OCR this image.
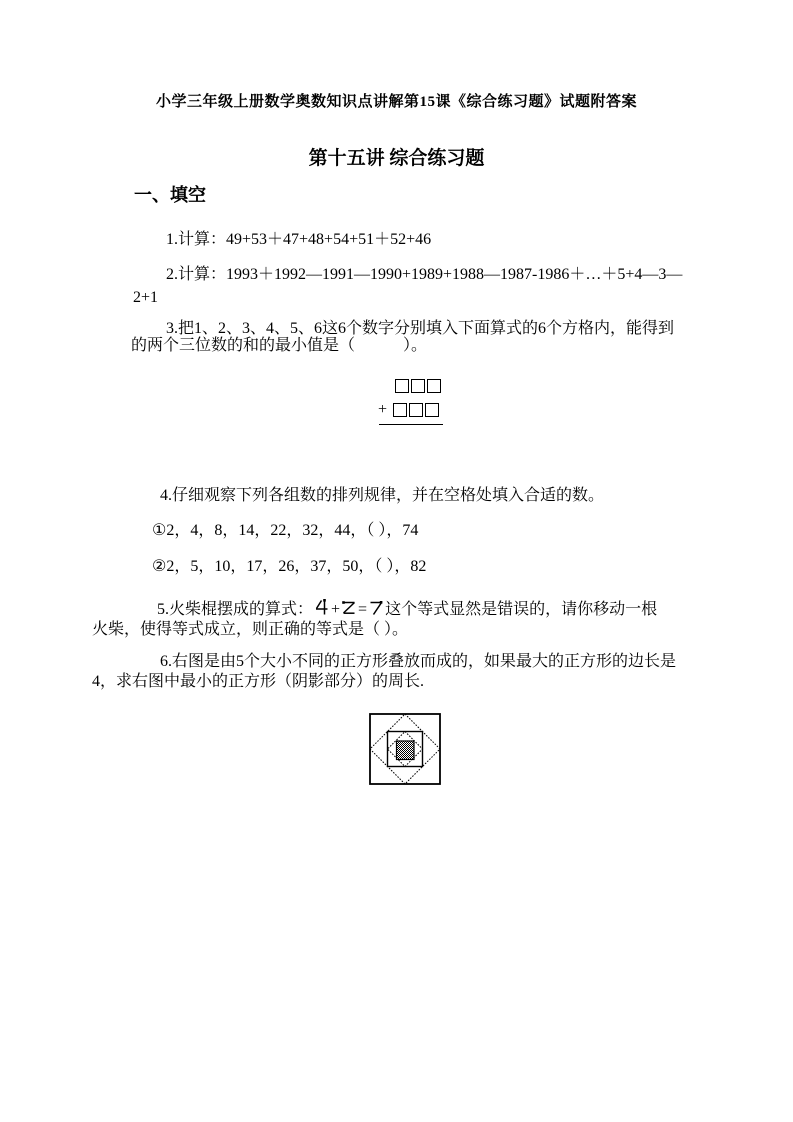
小学三年级上册数学奥数知识点讲解第15课《综合练习题》试题附答案
第十五讲 综合练习题
一、填空
1.计算：49+53＋47+48+54+51＋52+46
2.计算：1993＋1992—1991—1990+1989+1988—1987-1986＋…＋5+4—3—
2+1
3.把1、2、3、4、5、6这6个数字分别填入下面算式的6个方格内，能得到
的两个三位数的和的最小值是（　　　）。
+
4.仔细观察下列各组数的排列规律，并在空格处填入合适的数。
①2，4，8，14，22，32，44，（ ），74
②2，5，10，17，26，37，50，（ ），82
5.火柴棍摆成的算式： + = 这个等式显然是错误的，请你移动一根
火柴，使得等式成立，则正确的等式是（ ）。
6.右图是由5个大小不同的正方形叠放而成的，如果最大的正方形的边长是
4，求右图中最小的正方形（阴影部分）的周长.
